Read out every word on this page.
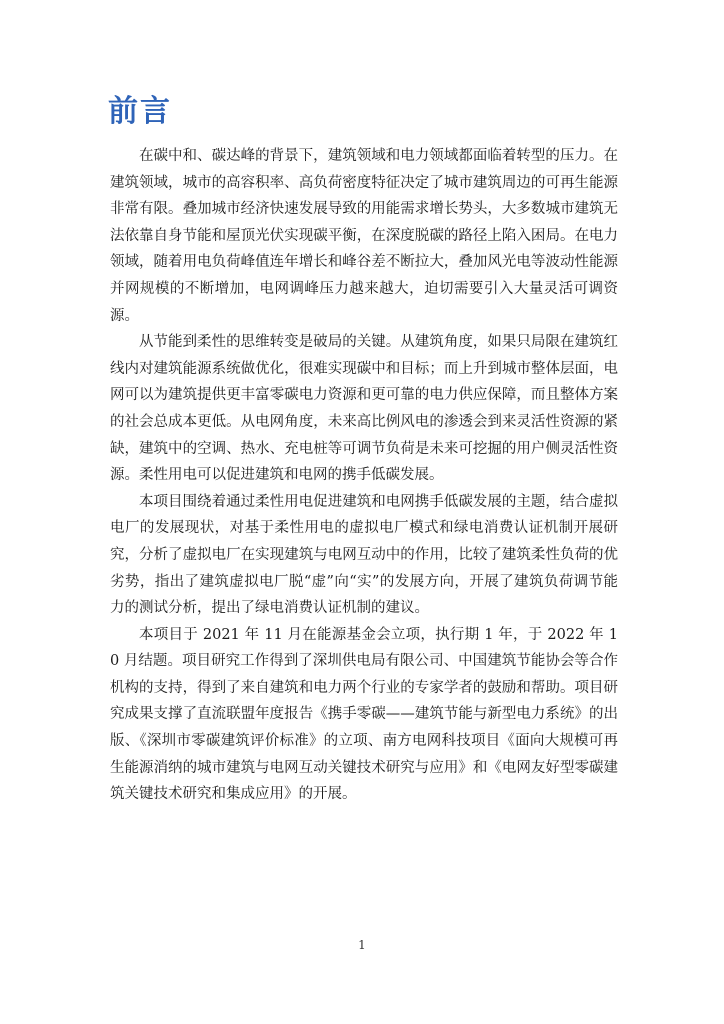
前言

在碳中和、碳达峰的背景下，建筑领域和电力领域都面临着转型的压力。在建筑领域，城市的高容积率、高负荷密度特征决定了城市建筑周边的可再生能源非常有限。叠加城市经济快速发展导致的用能需求增长势头，大多数城市建筑无法依靠自身节能和屋顶光伏实现碳平衡，在深度脱碳的路径上陷入困局。在电力领域，随着用电负荷峰值连年增长和峰谷差不断拉大，叠加风光电等波动性能源并网规模的不断增加，电网调峰压力越来越大，迫切需要引入大量灵活可调资源。

从节能到柔性的思维转变是破局的关键。从建筑角度，如果只局限在建筑红线内对建筑能源系统做优化，很难实现碳中和目标；而上升到城市整体层面，电网可以为建筑提供更丰富零碳电力资源和更可靠的电力供应保障，而且整体方案的社会总成本更低。从电网角度，未来高比例风电的渗透会到来灵活性资源的紧缺，建筑中的空调、热水、充电桩等可调节负荷是未来可挖掘的用户侧灵活性资源。柔性用电可以促进建筑和电网的携手低碳发展。

本项目围绕着通过柔性用电促进建筑和电网携手低碳发展的主题，结合虚拟电厂的发展现状，对基于柔性用电的虚拟电厂模式和绿电消费认证机制开展研究，分析了虚拟电厂在实现建筑与电网互动中的作用，比较了建筑柔性负荷的优劣势，指出了建筑虚拟电厂脱“虚”向“实”的发展方向，开展了建筑负荷调节能力的测试分析，提出了绿电消费认证机制的建议。

本项目于 2021 年 11 月在能源基金会立项，执行期 1 年，于 2022 年 10 月结题。项目研究工作得到了深圳供电局有限公司、中国建筑节能协会等合作机构的支持，得到了来自建筑和电力两个行业的专家学者的鼓励和帮助。项目研究成果支撑了直流联盟年度报告《携手零碳——建筑节能与新型电力系统》的出版、《深圳市零碳建筑评价标准》的立项、南方电网科技项目《面向大规模可再生能源消纳的城市建筑与电网互动关键技术研究与应用》和《电网友好型零碳建筑关键技术研究和集成应用》的开展。

1
